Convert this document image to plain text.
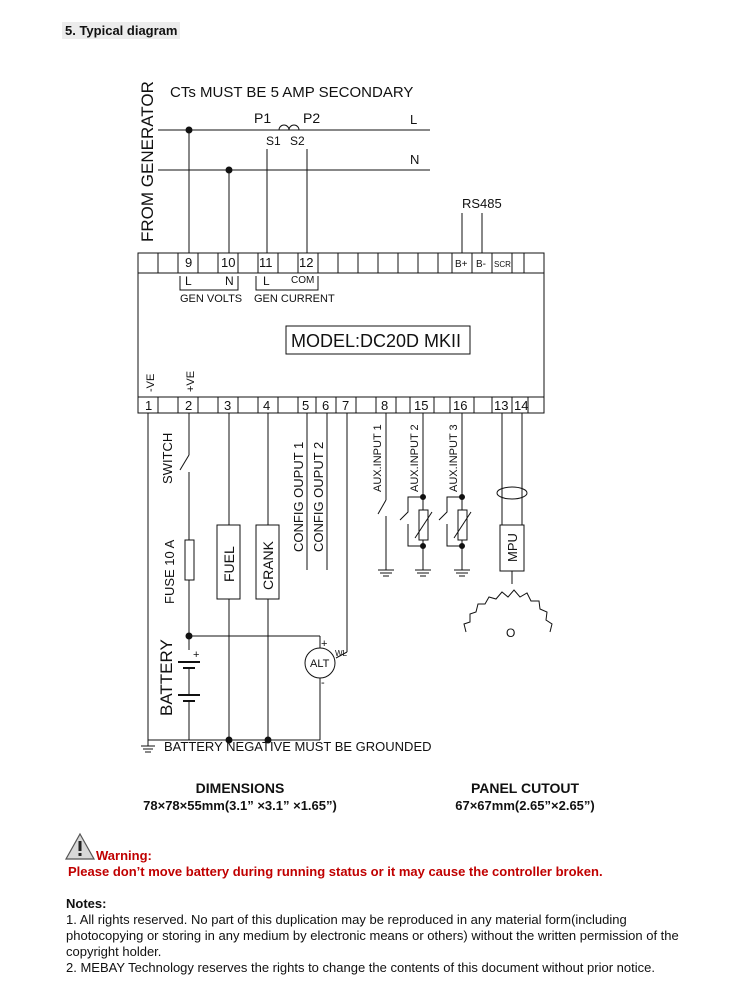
5. Typical diagram
FROM GENERATOR CTs MUST BE 5 AMP SECONDARY
L
N
P1 P2
S1 S2
RS485
9 10 11 12
L	N L COM
GEN VOLTS GEN CURRENT
B+ B- SCR
MODEL:DC20D MKII
-VE	+VE
1	2 3 4 5 6 7 8 15 16 13 14
SWITCH
FUSE 10 A
+
BATTERY
FUEL CRANK
CONFIG OUPUT 1 CONFIG OUPUT 2
ALT
+
-
WL
AUX.INPUT 1 AUX.INPUT 2 AUX.INPUT 3
MPU
O
BATTERY NEGATIVE MUST BE GROUNDED
DIMENSIONS
78×78×55mm(3.1” ×3.1” ×1.65”)
PANEL CUTOUT
67×67mm(2.65”×2.65”)
Warning:
Please don’t move battery during running status or it may cause the controller broken.
Notes:
1. All rights reserved. No part of this duplication may be reproduced in any material form(including photocopying or storing in any medium by electronic means or others) without the written permission of the copyright holder.
2. MEBAY Technology reserves the rights to change the contents of this document without prior notice.
